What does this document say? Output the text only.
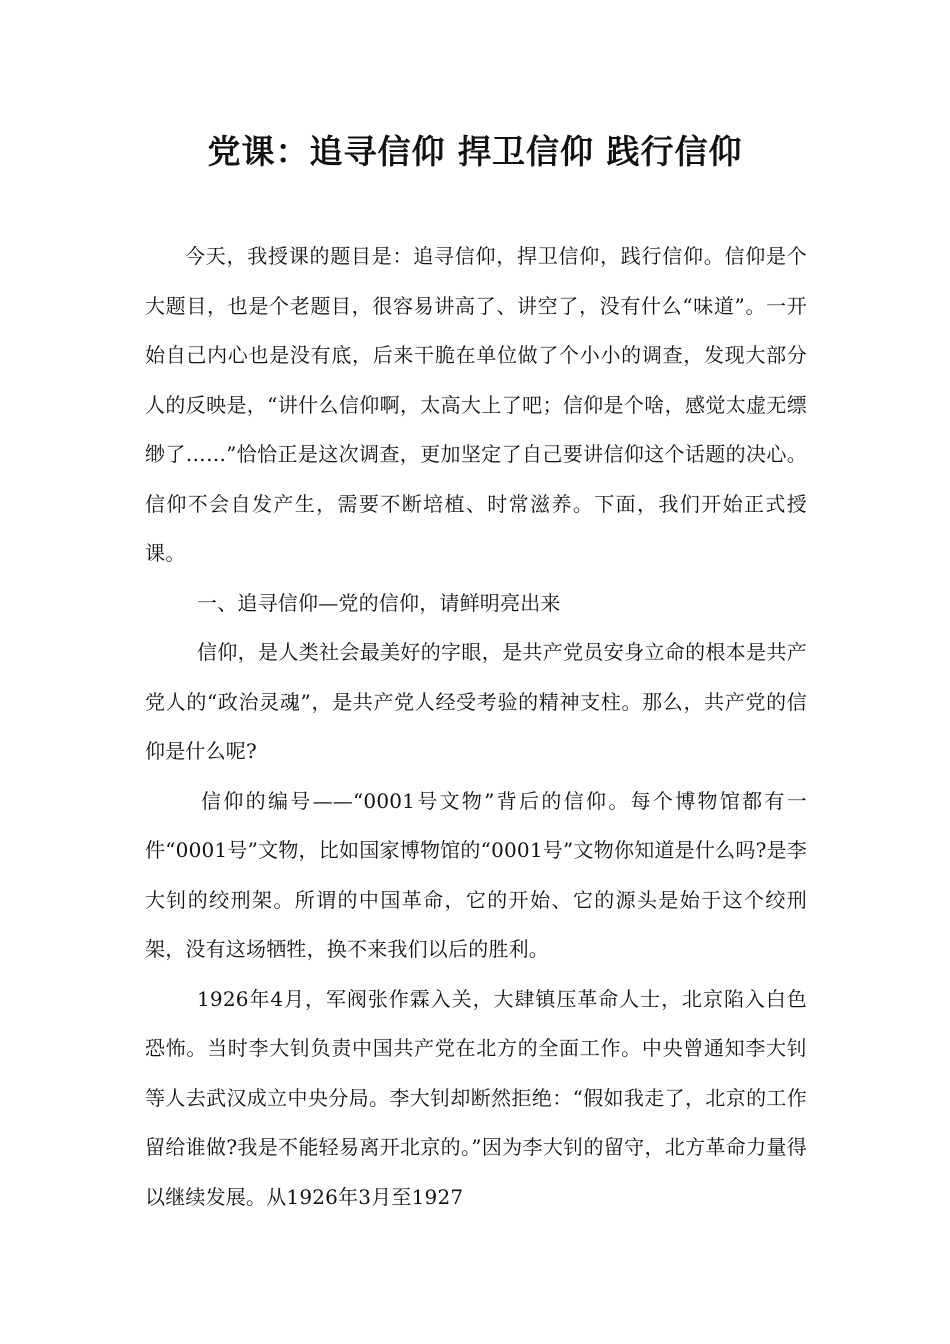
党课：追寻信仰 捍卫信仰 践行信仰

今天，我授课的题目是：追寻信仰，捍卫信仰，践行信仰。信仰是个大题目，也是个老题目，很容易讲高了、讲空了，没有什么“味道”。一开始自己内心也是没有底，后来干脆在单位做了个小小的调查，发现大部分人的反映是，“讲什么信仰啊，太高大上了吧；信仰是个啥，感觉太虚无缥缈了……”恰恰正是这次调查，更加坚定了自己要讲信仰这个话题的决心。信仰不会自发产生，需要不断培植、时常滋养。下面，我们开始正式授课。

一、追寻信仰—党的信仰，请鲜明亮出来

信仰，是人类社会最美好的字眼，是共产党员安身立命的根本是共产党人的“政治灵魂”，是共产党人经受考验的精神支柱。那么，共产党的信仰是什么呢?

信仰的编号——“0001号文物”背后的信仰。每个博物馆都有一件“0001号”文物，比如国家博物馆的“0001号”文物你知道是什么吗?是李大钊的绞刑架。所谓的中国革命，它的开始、它的源头是始于这个绞刑架，没有这场牺牲，换不来我们以后的胜利。

1926年4月，军阀张作霖入关，大肆镇压革命人士，北京陷入白色恐怖。当时李大钊负责中国共产党在北方的全面工作。中央曾通知李大钊等人去武汉成立中央分局。李大钊却断然拒绝：“假如我走了，北京的工作留给谁做?我是不能轻易离开北京的。”因为李大钊的留守，北方革命力量得以继续发展。从1926年3月至1927
